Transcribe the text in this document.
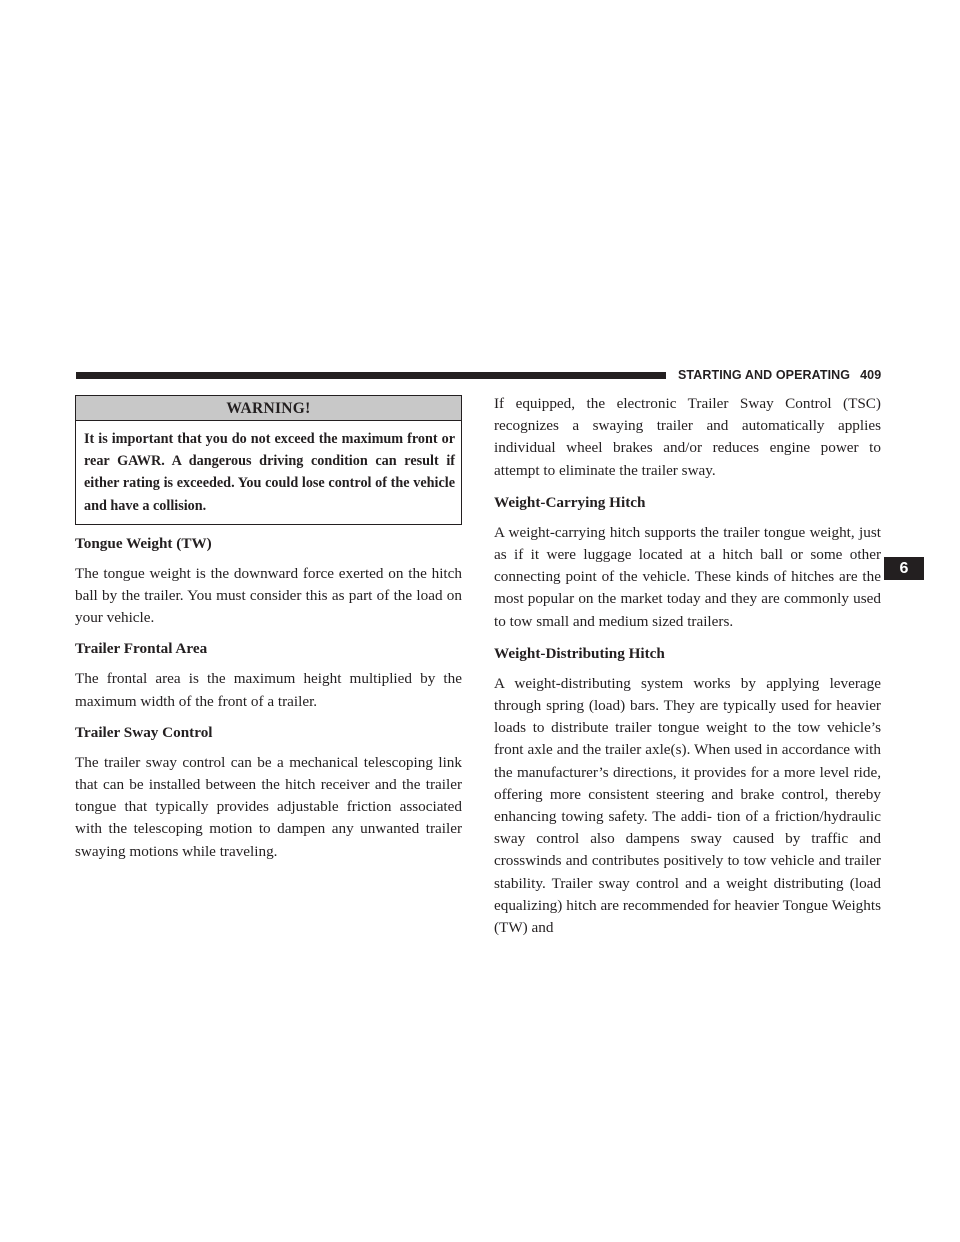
STARTING AND OPERATING 409
6
WARNING!

It is important that you do not exceed the maximum front or rear GAWR. A dangerous driving condition can result if either rating is exceeded. You could lose control of the vehicle and have a collision.

Tongue Weight (TW)

The tongue weight is the downward force exerted on the hitch ball by the trailer. You must consider this as part of the load on your vehicle.

Trailer Frontal Area

The frontal area is the maximum height multiplied by the maximum width of the front of a trailer.

Trailer Sway Control

The trailer sway control can be a mechanical telescoping link that can be installed between the hitch receiver and the trailer tongue that typically provides adjustable friction associated with the telescoping motion to dampen any unwanted trailer swaying motions while traveling.

If equipped, the electronic Trailer Sway Control (TSC) recognizes a swaying trailer and automatically applies individual wheel brakes and/or reduces engine power to attempt to eliminate the trailer sway.

Weight-Carrying Hitch

A weight-carrying hitch supports the trailer tongue weight, just as if it were luggage located at a hitch ball or some other connecting point of the vehicle. These kinds of hitches are the most popular on the market today and they are commonly used to tow small and medium sized trailers.

Weight-Distributing Hitch

A weight-distributing system works by applying leverage through spring (load) bars. They are typically used for heavier loads to distribute trailer tongue weight to the tow vehicle’s front axle and the trailer axle(s). When used in accordance with the manufacturer’s directions, it provides for a more level ride, offering more consistent steering and brake control, thereby enhancing towing safety. The addi- tion of a friction/hydraulic sway control also dampens sway caused by traffic and crosswinds and contributes positively to tow vehicle and trailer stability. Trailer sway control and a weight distributing (load equalizing) hitch are recommended for heavier Tongue Weights (TW) and
